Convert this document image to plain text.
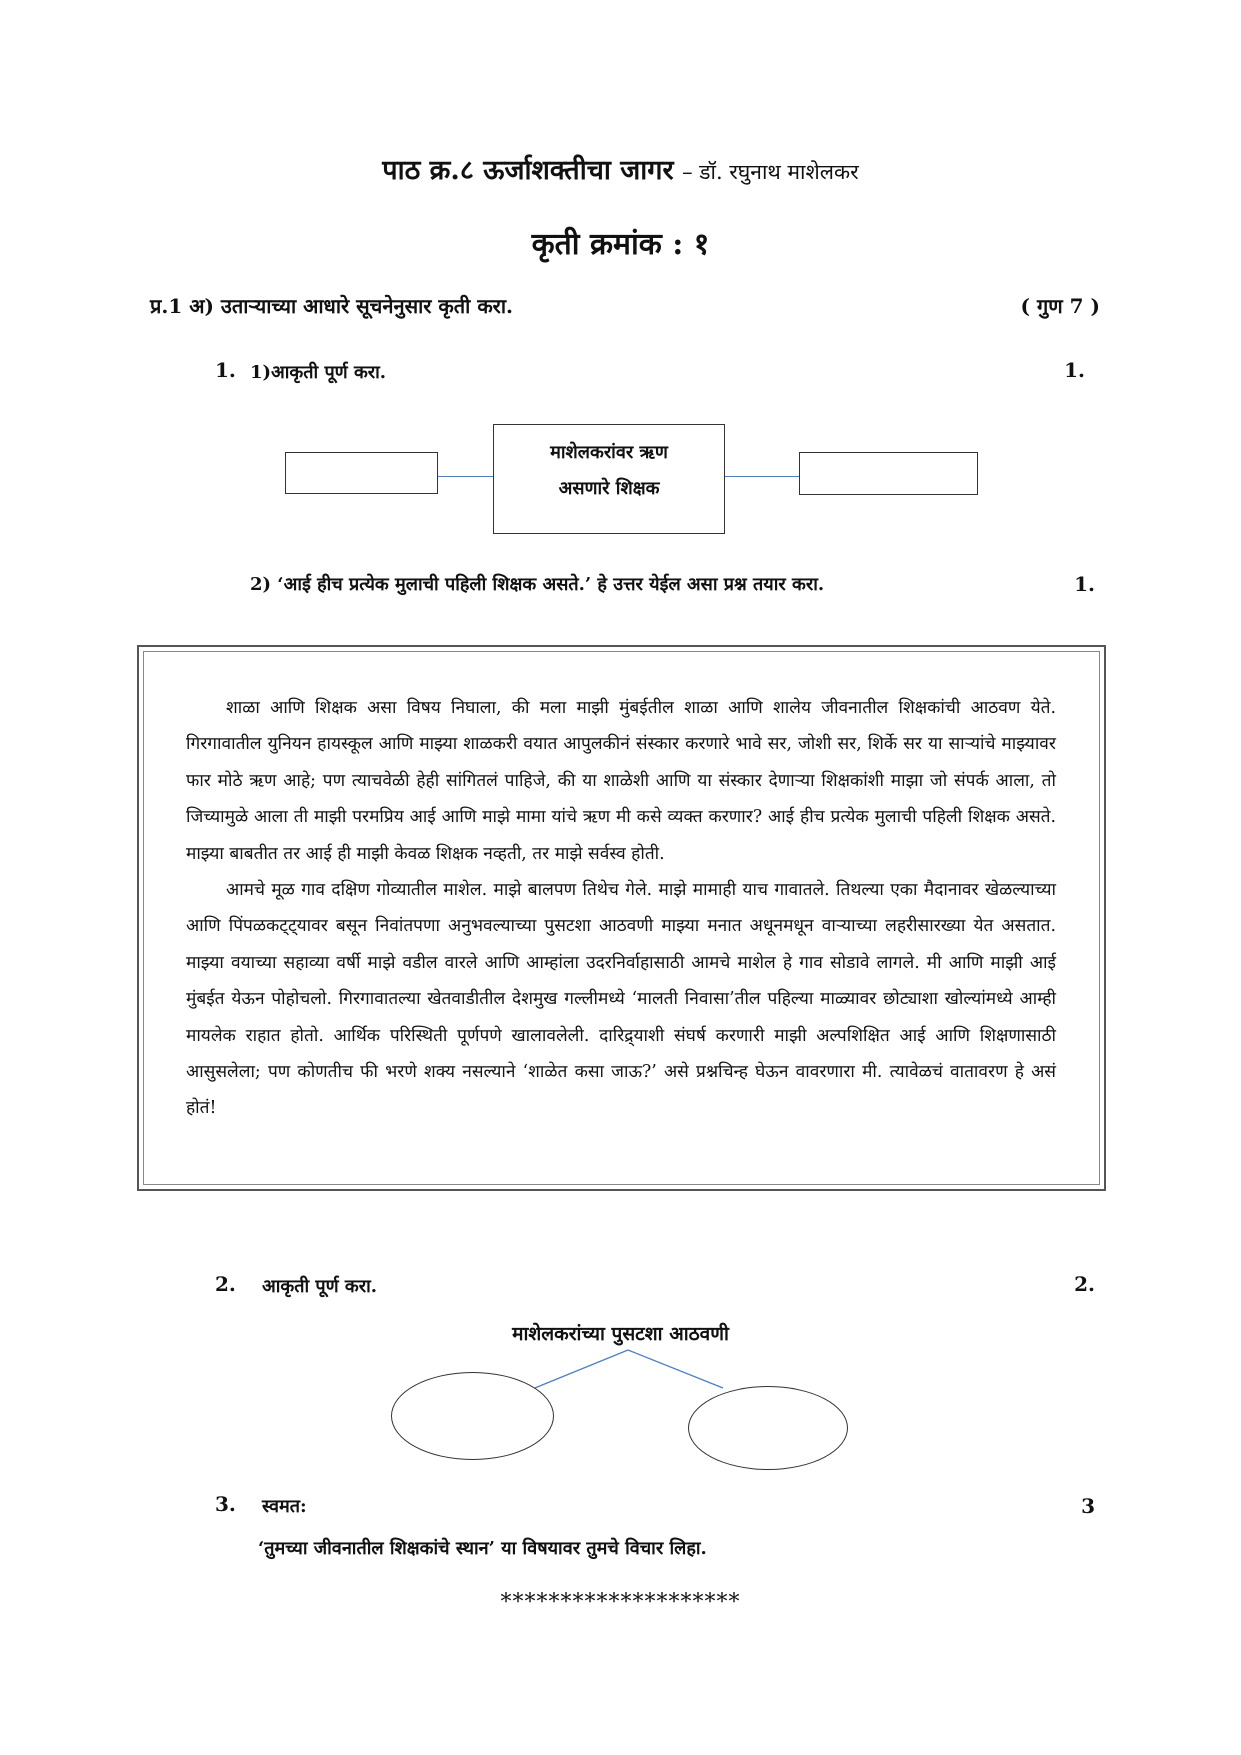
पाठ क्र.८ ऊर्जाशक्तीचा जागर – डॉ. रघुनाथ माशेलकर
कृती क्रमांक : १
प्र.1 अ) उताऱ्याच्या आधारे सूचनेनुसार कृती करा.	( गुण 7 )
1. 1)आकृती पूर्ण करा.	1.
माशेलकरांवर ऋण
असणारे शिक्षक
2) ‘आई हीच प्रत्येक मुलाची पहिली शिक्षक असते.’ हे उत्तर येईल असा प्रश्न तयार करा.	1.

शाळा आणि शिक्षक असा विषय निघाला, की मला माझी मुंबईतील शाळा आणि शालेय जीवनातील शिक्षकांची आठवण येते. गिरगावातील युनियन हायस्कूल आणि माझ्या शाळकरी वयात आपुलकीनं संस्कार करणारे भावे सर, जोशी सर, शिर्के सर या साऱ्यांचे माझ्यावर फार मोठे ऋण आहे; पण त्याचवेळी हेही सांगितलं पाहिजे, की या शाळेशी आणि या संस्कार देणाऱ्या शिक्षकांशी माझा जो संपर्क आला, तो जिच्यामुळे आला ती माझी परमप्रिय आई आणि माझे मामा यांचे ऋण मी कसे व्यक्त करणार? आई हीच प्रत्येक मुलाची पहिली शिक्षक असते. माझ्या बाबतीत तर आई ही माझी केवळ शिक्षक नव्हती, तर माझे सर्वस्व होती.

आमचे मूळ गाव दक्षिण गोव्यातील माशेल. माझे बालपण तिथेच गेले. माझे मामाही याच गावातले. तिथल्या एका मैदानावर खेळल्याच्या आणि पिंपळकट्ट्यावर बसून निवांतपणा अनुभवल्याच्या पुसटशा आठवणी माझ्या मनात अधूनमधून वाऱ्याच्या लहरीसारख्या येत असतात. माझ्या वयाच्या सहाव्या वर्षी माझे वडील वारले आणि आम्हांला उदरनिर्वाहासाठी आमचे माशेल हे गाव सोडावे लागले. मी आणि माझी आई मुंबईत येऊन पोहोचलो. गिरगावातल्या खेतवाडीतील देशमुख गल्लीमध्ये ‘मालती निवासा’तील पहिल्या माळ्यावर छोट्याशा खोल्यांमध्ये आम्ही मायलेक राहात होतो. आर्थिक परिस्थिती पूर्णपणे खालावलेली. दारिद्र्याशी संघर्ष करणारी माझी अल्पशिक्षित आई आणि शिक्षणासाठी आसुसलेला; पण कोणतीच फी भरणे शक्य नसल्याने ‘शाळेत कसा जाऊ?’ असे प्रश्नचिन्ह घेऊन वावरणारा मी. त्यावेळचं वातावरण हे असं होतं!

2. आकृती पूर्ण करा.	2.
माशेलकरांच्या पुसटशा आठवणी
3. स्वमत:	3
‘तुमच्या जीवनातील शिक्षकांचे स्थान’ या विषयावर तुमचे विचार लिहा.
********************
